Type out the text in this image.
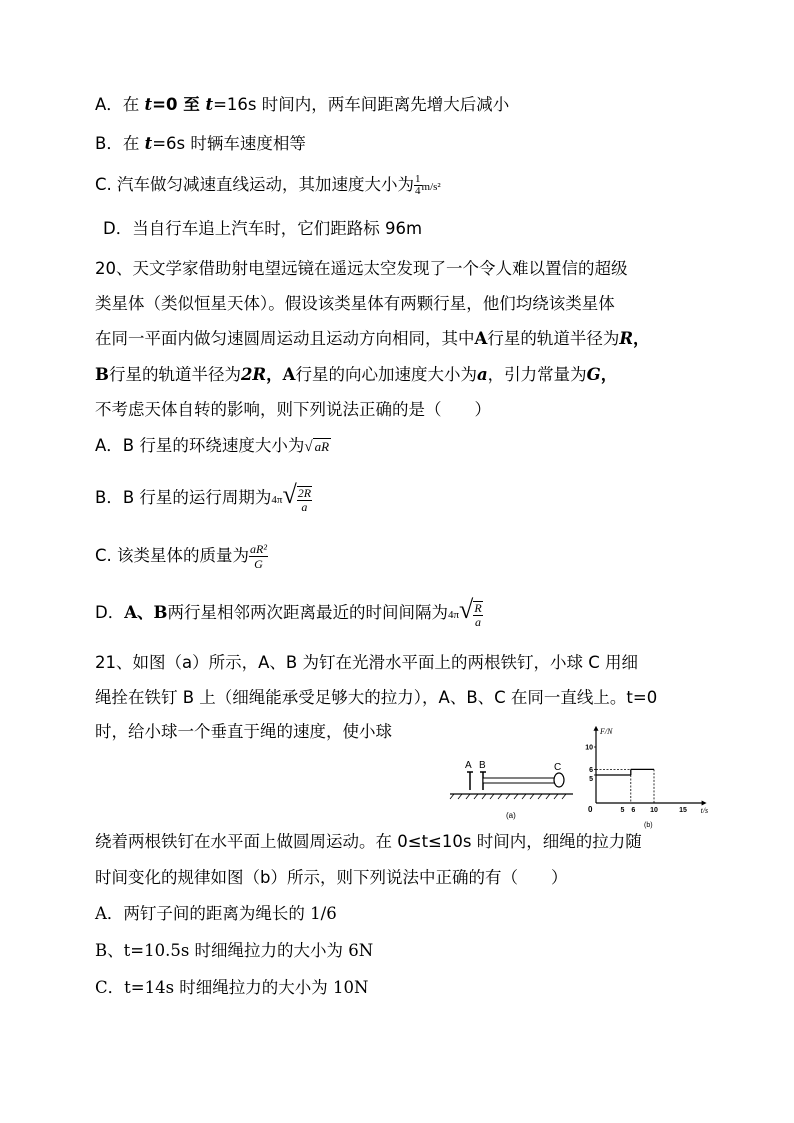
A．在 t=0 至 t=16s 时间内，两车间距离先增大后减小
B．在 t=6s 时辆车速度相等
C. 汽车做匀减速直线运动，其加速度大小为 $\frac{1}{4} m/s^2$
D．当自行车追上汽车时，它们距路标 96m
20、天文学家借助射电望远镜在遥远太空发现了一个令人难以置信的超级
类星体（类似恒星天体）。假设该类星体有两颗行星，他们均绕该类星体
在同一平面内做匀速圆周运动且运动方向相同，其中A行星的轨道半径为R，
B行星的轨道半径为2R，A行星的向心加速度大小为a，引力常量为G，
不考虑天体自转的影响，则下列说法正确的是（　　）
A．B 行星的环绕速度大小为√ aR
B．B 行星的运行周期为$4\pi√ \frac{2R}{a}$
C. 该类星体的质量为 $\frac{\text{aR²}}{G}$
D．A、B两行星相邻两次距离最近的时间间隔为$4\pi√ \frac{R}{a}$
21、如图（a）所示，A、B 为钉在光滑水平面上的两根铁钉，小球 C 用细
绳拴在铁钉 B 上（细绳能承受足够大的拉力），A、B、C 在同一直线上。t=0
时，给小球一个垂直于绳的速度，使小球
A B	C
(a)
F/N
t/s
0
10
6
5
5 6 10	15
(b)
绕着两根铁钉在水平面上做圆周运动。在 0≤t≤10s 时间内，细绳的拉力随
时间变化的规律如图（b）所示，则下列说法中正确的有（　　）
A．两钉子间的距离为绳长的 1/6
B、t=10.5s 时细绳拉力的大小为 6N
C．t=14s 时细绳拉力的大小为 10N
